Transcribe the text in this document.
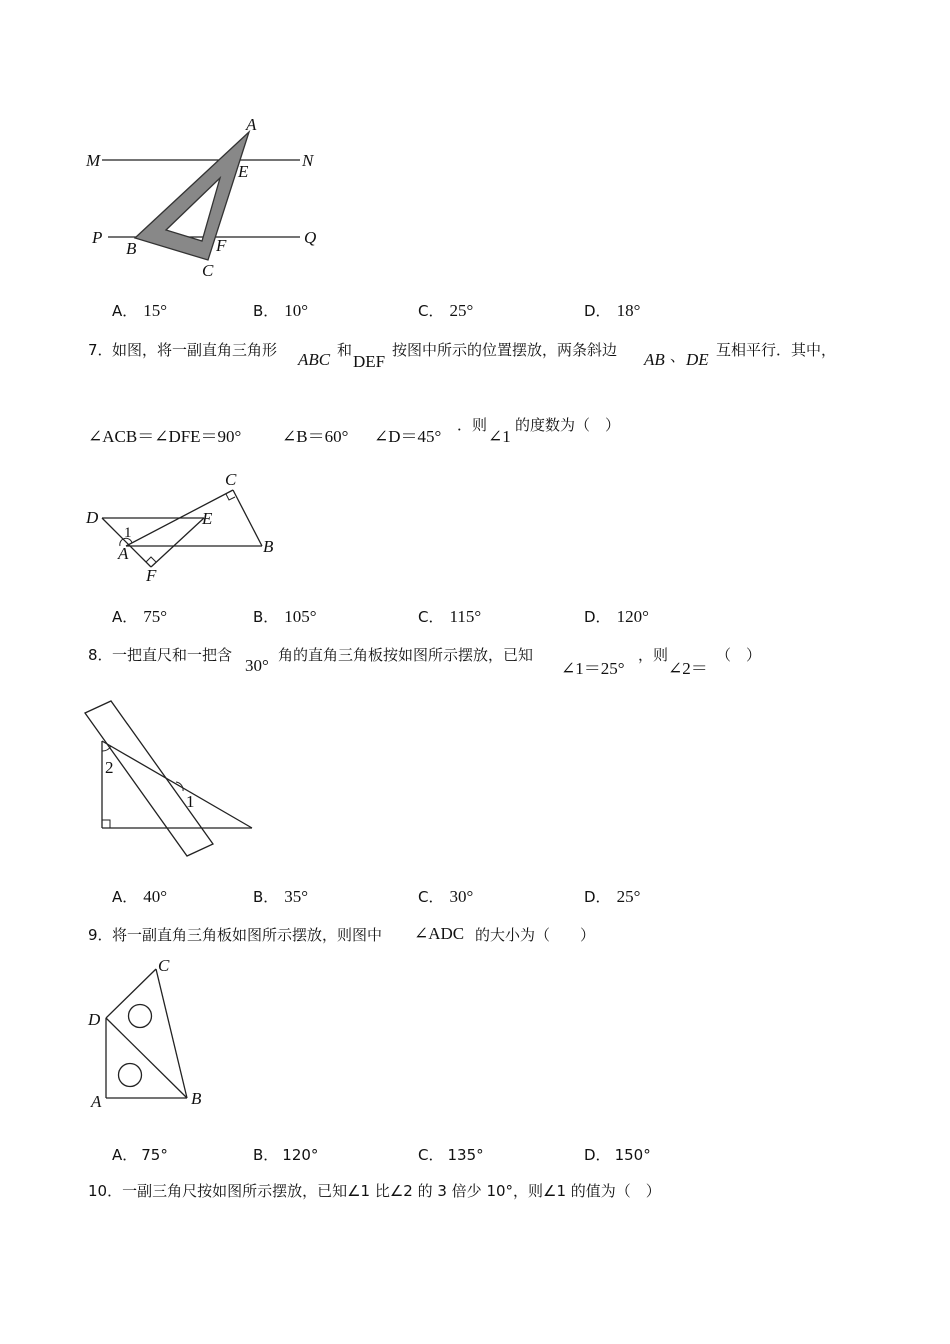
A
M	N
E
P	Q
B	F
C
A． 15°	B． 10°	C． 25°	D． 18°
7． 如图，将一副直角三角形 ABC 和
DEF
按图中所示的位置摆放，两条斜边 AB 、 DE 互相平行．其中，
∠ACB＝∠DFE＝90° ∠B＝60° ∠D＝45°
．则
∠1
的度数为（　）
C
D	E
1
A	B
F
A． 75°	B． 105°	C． 115°	D． 120°
8． 一把直尺和一把含
30°
角的直角三角板按如图所示摆放，已知
∠1＝25°
，则
∠2＝
（　）
2
1
A． 40°	B． 35°	C． 30°	D． 25°
9． 将一副直角三角板如图所示摆放，则图中 ∠ADC 的大小为（　　）
C
D
A	B
A． 75°	B． 120°	C． 135°	D． 150°
10．一副三角尺按如图所示摆放，已知∠1 比∠2 的 3 倍少 10°，则∠1 的值为（　）
